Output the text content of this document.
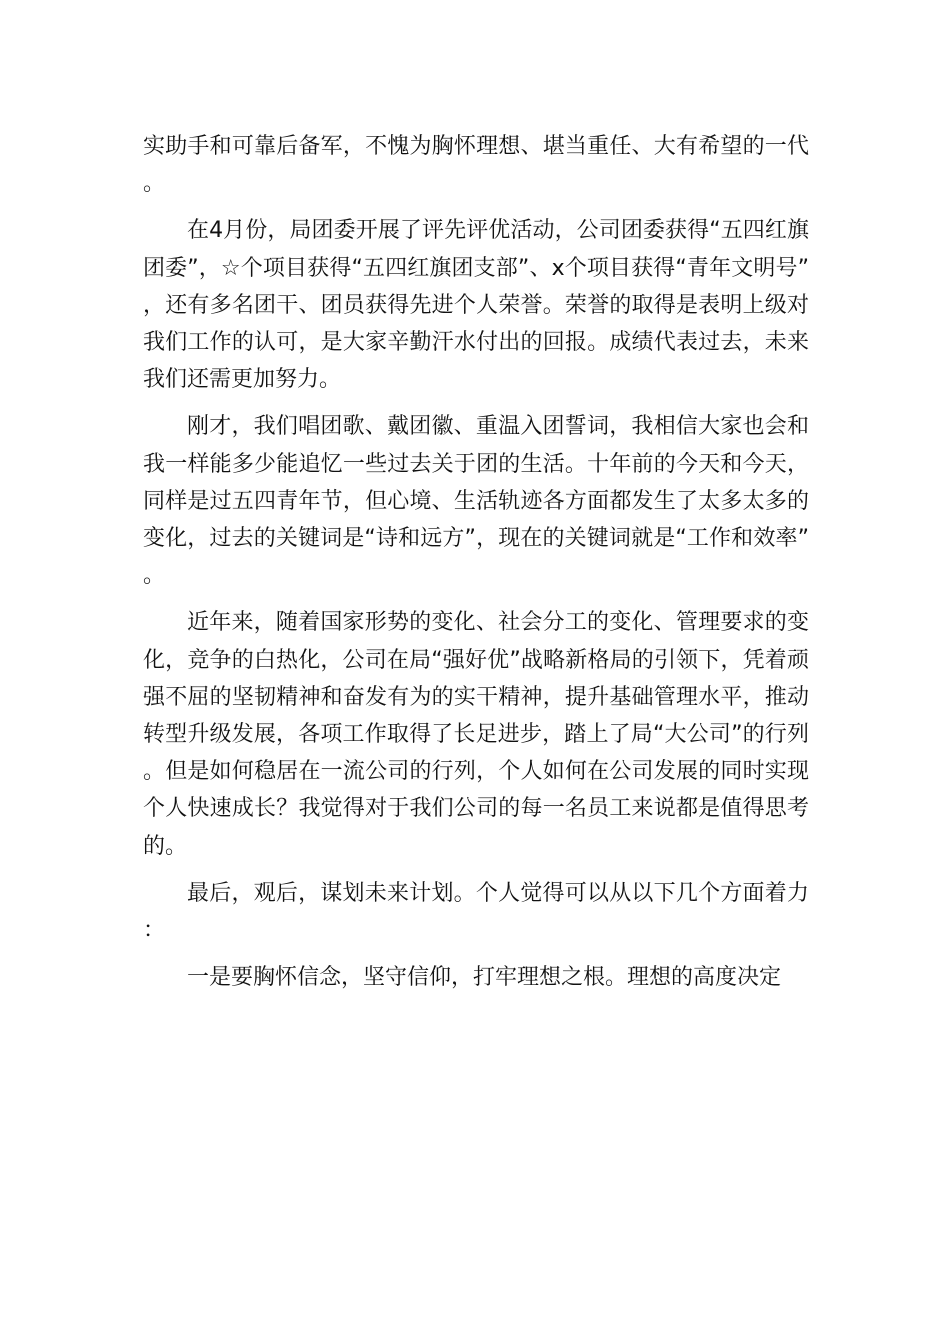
实助手和可靠后备军，不愧为胸怀理想、堪当重任、大有希望的一代。

在4月份，局团委开展了评先评优活动，公司团委获得“五四红旗团委”，☆个项目获得“五四红旗团支部”、x个项目获得“青年文明号”，还有多名团干、团员获得先进个人荣誉。荣誉的取得是表明上级对我们工作的认可，是大家辛勤汗水付出的回报。成绩代表过去，未来我们还需更加努力。

刚才，我们唱团歌、戴团徽、重温入团誓词，我相信大家也会和我一样能多少能追忆一些过去关于团的生活。十年前的今天和今天，同样是过五四青年节，但心境、生活轨迹各方面都发生了太多太多的变化，过去的关键词是“诗和远方”，现在的关键词就是“工作和效率”。

近年来，随着国家形势的变化、社会分工的变化、管理要求的变化，竞争的白热化，公司在局“强好优”战略新格局的引领下，凭着顽强不屈的坚韧精神和奋发有为的实干精神，提升基础管理水平，推动转型升级发展，各项工作取得了长足进步，踏上了局“大公司”的行列。但是如何稳居在一流公司的行列，个人如何在公司发展的同时实现个人快速成长？我觉得对于我们公司的每一名员工来说都是值得思考的。

最后，观后，谋划未来计划。个人觉得可以从以下几个方面着力：

一是要胸怀信念，坚守信仰，打牢理想之根。理想的高度决定
